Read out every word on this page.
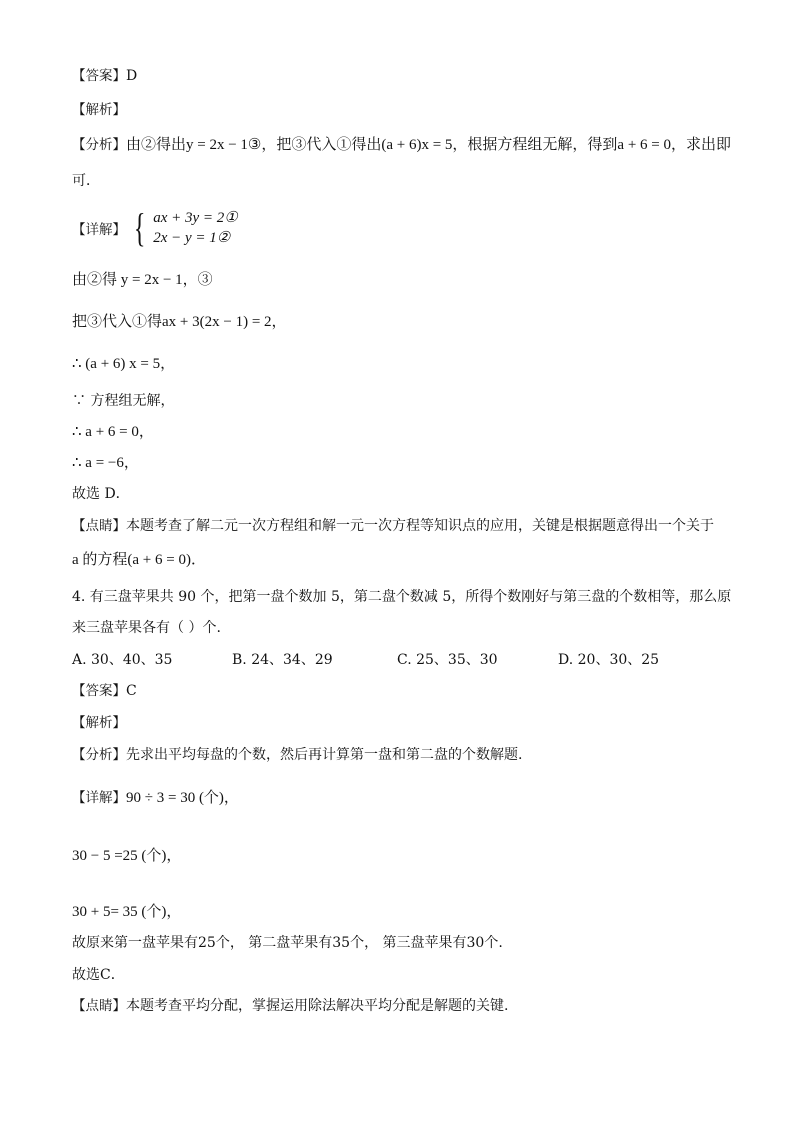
【答案】D
【解析】
【分析】由②得出y = 2x − 1③，把③代入①得出(a + 6)x = 5，根据方程组无解，得到a + 6 = 0，求出即
可．
【详解】 { ax + 3y = 2①
2x − y = 1②
由②得 y = 2x − 1，③
把③代入①得ax + 3(2x − 1) = 2，
∴ (a + 6) x = 5，
∵ 方程组无解，
∴ a + 6 = 0，
∴ a = −6，
故选 D．
【点睛】本题考查了解二元一次方程组和解一元一次方程等知识点的应用，关键是根据题意得出一个关于
a 的方程(a + 6 = 0)．
4. 有三盘苹果共 90 个，把第一盘个数加 5，第二盘个数减 5，所得个数刚好与第三盘的个数相等，那么原
来三盘苹果各有（ ）个.
A. 30、40、35	B. 24、34、29	C. 25、35、30	D. 20、30、25
【答案】C
【解析】
【分析】先求出平均每盘的个数，然后再计算第一盘和第二盘的个数解题.
【详解】90 ÷ 3 = 30 (个)，
30 − 5 =25 (个)，
30 + 5= 35 (个)，
故原来第一盘苹果有25个， 第二盘苹果有35个， 第三盘苹果有30个.
故选C．
【点睛】本题考查平均分配，掌握运用除法解决平均分配是解题的关键.
